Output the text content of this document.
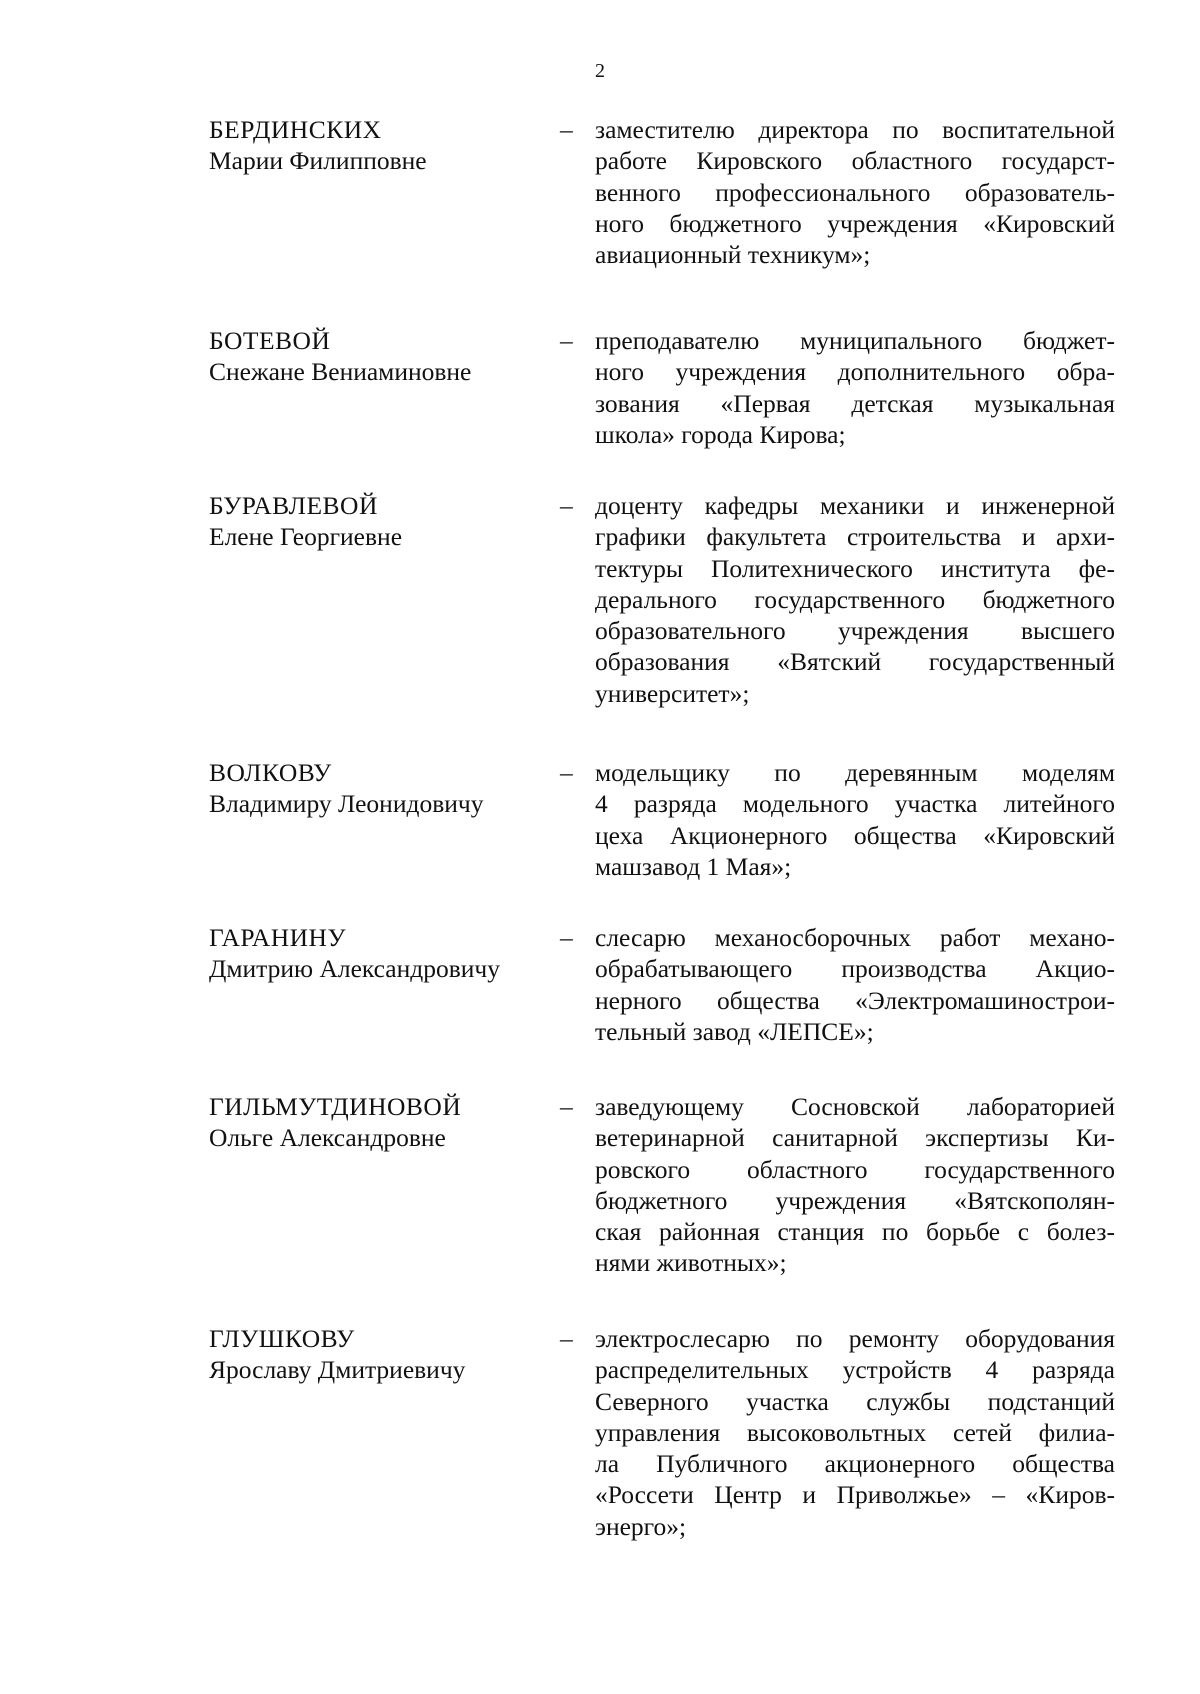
2
БЕРДИНСКИХ
Марии Филипповне
– заместителю директора по воспитательной
работе Кировского областного государст-
венного профессионального образователь-
ного бюджетного учреждения «Кировский
авиационный техникум»;
БОТЕВОЙ
Снежане Вениаминовне
– преподавателю муниципального бюджет-
ного учреждения дополнительного обра-
зования «Первая детская музыкальная
школа» города Кирова;
БУРАВЛЕВОЙ
Елене Георгиевне
– доценту кафедры механики и инженерной
графики факультета строительства и архи-
тектуры Политехнического института фе-
дерального государственного бюджетного
образовательного учреждения высшего
образования «Вятский государственный
университет»;
ВОЛКОВУ
Владимиру Леонидовичу
– модельщику по деревянным моделям
4 разряда модельного участка литейного
цеха Акционерного общества «Кировский
машзавод 1 Мая»;
ГАРАНИНУ
Дмитрию Александровичу
– слесарю механосборочных работ механо-
обрабатывающего производства Акцио-
нерного общества «Электромашинострои-
тельный завод «ЛЕПСЕ»;
ГИЛЬМУТДИНОВОЙ
Ольге Александровне
– заведующему Сосновской лабораторией
ветеринарной санитарной экспертизы Ки-
ровского областного государственного
бюджетного учреждения «Вятскополян-
ская районная станция по борьбе с болез-
нями животных»;
ГЛУШКОВУ
Ярославу Дмитриевичу
– электрослесарю по ремонту оборудования
распределительных устройств 4 разряда
Северного участка службы подстанций
управления высоковольтных сетей филиа-
ла Публичного акционерного общества
«Россети Центр и Приволжье» – «Киров-
энерго»;
